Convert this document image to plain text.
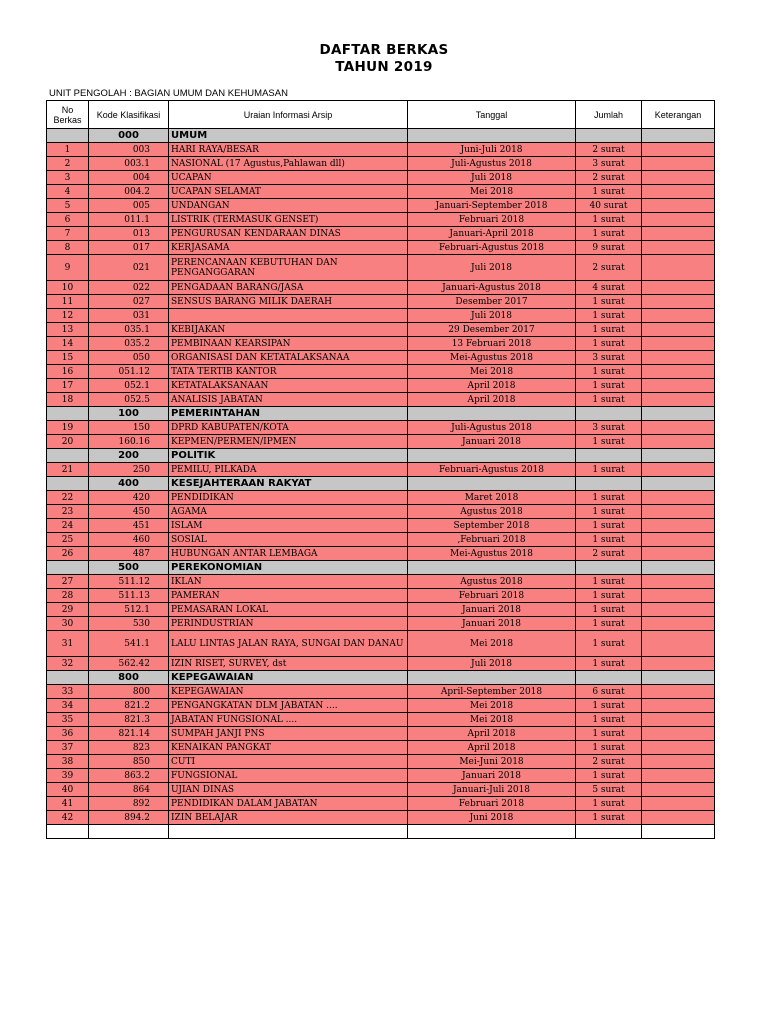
DAFTAR BERKAS
TAHUN 2019
UNIT PENGOLAH : BAGIAN UMUM DAN KEHUMASAN
No Berkas	Kode Klasifikasi	Uraian Informasi Arsip	Tanggal	Jumlah	Keterangan
	000	UMUM			
1	003	HARI RAYA/BESAR	Juni-Juli 2018	2 surat	
2	003.1	NASIONAL (17 Agustus,Pahlawan dll)	Juli-Agustus 2018	3 surat	
3	004	UCAPAN	Juli 2018	2 surat	
4	004.2	UCAPAN SELAMAT	Mei 2018	1 surat	
5	005	UNDANGAN	Januari-September 2018	40 surat	
6	011.1	LISTRIK (TERMASUK GENSET)	Februari 2018	1 surat	
7	013	PENGURUSAN KENDARAAN DINAS	Januari-April 2018	1 surat	
8	017	KERJASAMA	Februari-Agustus 2018	9 surat	
9	021	PERENCANAAN KEBUTUHAN DAN PENGANGGARAN	Juli 2018	2 surat	
10	022	PENGADAAN BARANG/JASA	Januari-Agustus 2018	4 surat	
11	027	SENSUS BARANG MILIK DAERAH	Desember 2017	1 surat	
12	031		Juli 2018	1 surat	
13	035.1	KEBIJAKAN	29 Desember 2017	1 surat	
14	035.2	PEMBINAAN KEARSIPAN	13 Februari 2018	1 surat	
15	050	ORGANISASI DAN KETATALAKSANAA	Mei-Agustus 2018	3 surat	
16	051.12	TATA TERTIB KANTOR	Mei 2018	1 surat	
17	052.1	KETATALAKSANAAN	April 2018	1 surat	
18	052.5	ANALISIS JABATAN	April 2018	1 surat	
	100	PEMERINTAHAN			
19	150	DPRD KABUPATEN/KOTA	Juli-Agustus 2018	3 surat	
20	160.16	KEPMEN/PERMEN/IPMEN	Januari 2018	1 surat	
	200	POLITIK			
21	250	PEMILU, PILKADA	Februari-Agustus 2018	1 surat	
	400	KESEJAHTERAAN RAKYAT			
22	420	PENDIDIKAN	Maret 2018	1 surat	
23	450	AGAMA	Agustus 2018	1 surat	
24	451	ISLAM	September 2018	1 surat	
25	460	SOSIAL	,Februari 2018	1 surat	
26	487	HUBUNGAN ANTAR LEMBAGA	Mei-Agustus 2018	2 surat	
	500	PEREKONOMIAN			
27	511.12	IKLAN	Agustus 2018	1 surat	
28	511.13	PAMERAN	Februari 2018	1 surat	
29	512.1	PEMASARAN LOKAL	Januari 2018	1 surat	
30	530	PERINDUSTRIAN	Januari 2018	1 surat	
31	541.1	LALU LINTAS JALAN RAYA, SUNGAI DAN DANAU	Mei 2018	1 surat	
32	562.42	IZIN RISET, SURVEY, dst	Juli 2018	1 surat	
	800	KEPEGAWAIAN			
33	800	KEPEGAWAIAN	April-September 2018	6 surat	
34	821.2	PENGANGKATAN DLM JABATAN ....	Mei 2018	1 surat	
35	821.3	JABATAN FUNGSIONAL ....	Mei 2018	1 surat	
36	821.14	SUMPAH JANJI PNS	April 2018	1 surat	
37	823	KENAIKAN PANGKAT	April 2018	1 surat	
38	850	CUTI	Mei-Juni 2018	2 surat	
39	863.2	FUNGSIONAL	Januari 2018	1 surat	
40	864	UJIAN DINAS	Januari-Juli 2018	5 surat	
41	892	PENDIDIKAN DALAM JABATAN	Februari 2018	1 surat	
42	894.2	IZIN BELAJAR	Juni 2018	1 surat	
